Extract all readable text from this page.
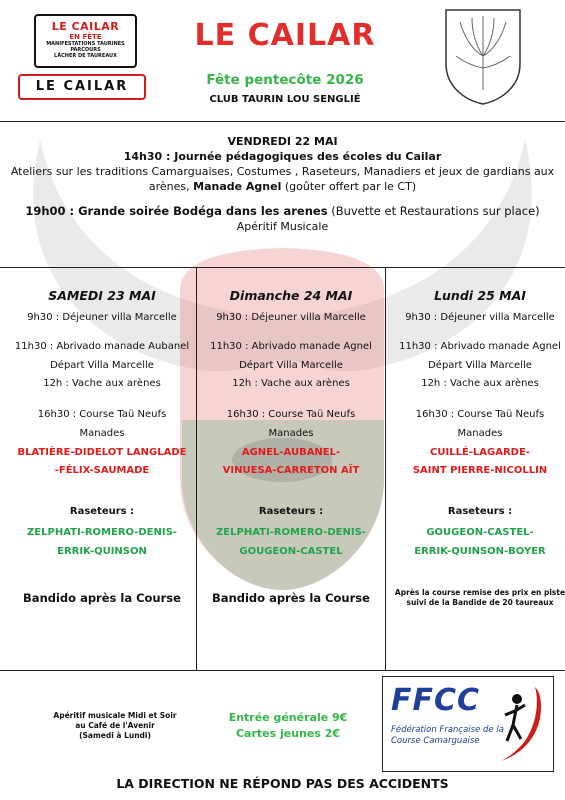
LE CAILAR
EN FÊTE
MANIFESTATIONS TAURINES
PARCOURS
LÂCHER DE TAUREAUX
LE CAILAR
LE CAILAR
Fête pentecôte 2026
CLUB TAURIN LOU SENGLIÉ
VENDREDI 22 MAI
14h30 : Journée pédagogiques des écoles du Cailar
Ateliers sur les traditions Camarguaises, Costumes , Raseteurs, Manadiers et jeux de gardians aux
arènes, Manade Agnel (goûter offert par le CT)
19h00 : Grande soirée Bodéga dans les arenes (Buvette et Restaurations sur place)
Apéritif Musicale
SAMEDI 23 MAI
9h30 : Déjeuner villa Marcelle
11h30 : Abrivado manade Aubanel
Départ Villa Marcelle
12h : Vache aux arènes
16h30 : Course Taü Neufs
Manades
BLATIÈRE-DIDELOT LANGLADE
-FÉLIX-SAUMADE
Raseteurs :
ZELPHATI-ROMERO-DENIS-
ERRIK-QUINSON
Bandido après la Course
Dimanche 24 MAI
9h30 : Déjeuner villa Marcelle
11h30 : Abrivado manade Agnel
Départ Villa Marcelle
12h : Vache aux arènes
16h30 : Course Taü Neufs
Manades
AGNEL-AUBANEL-
VINUESA-CARRETON AÏT
Raseteurs :
ZELPHATI-ROMERO-DENIS-
GOUGEON-CASTEL
Bandido après la Course
Lundi 25 MAI
9h30 : Déjeuner villa Marcelle
11h30 : Abrivado manade Agnel
Départ Villa Marcelle
12h : Vache aux arènes
16h30 : Course Taü Neufs
Manades
CUILLÉ-LAGARDE-
SAINT PIERRE-NICOLLIN
Raseteurs :
GOUGEON-CASTEL-
ERRIK-QUINSON-BOYER
Après la course remise des prix en piste
suivi de la Bandide de 20 taureaux
Apéritif musicale Midi et Soir
au Café de l'Avenir
(Samedi à Lundi)
Entrée générale 9€
Cartes jeunes 2€
FFCC
Fédération Française de la
Course Camarguaise
LA DIRECTION NE RÉPOND PAS DES ACCIDENTS
